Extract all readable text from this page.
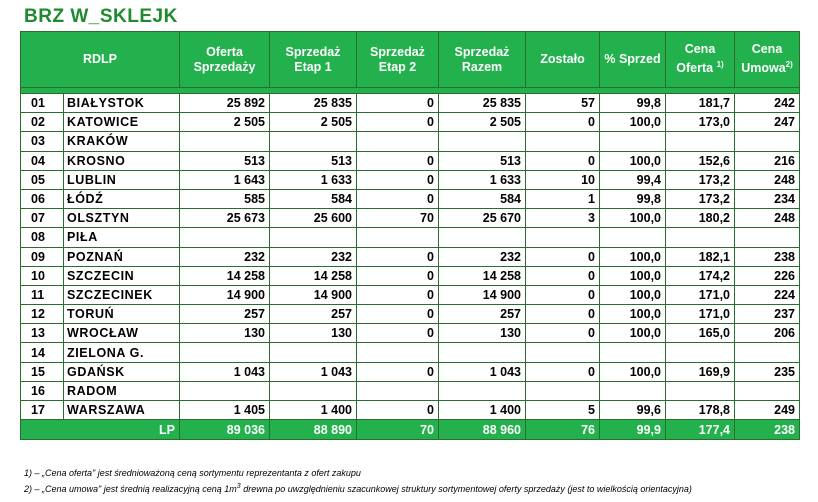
BRZ W_SKLEJK
RDLP		Oferta Sprzedaży	Sprzedaż Etap 1	Sprzedaż Etap 2	Sprzedaż Razem	Zostało	% Sprzed	Cena Oferta $^{1)}$	Cena Umowa$^{2)}$

01	BIAŁYSTOK	25 892	25 835	0	25 835	57	99,8	181,7	242
02	KATOWICE	2 505	2 505	0	2 505	0	100,0	173,0	247
03	KRAKÓW								
04	KROSNO	513	513	0	513	0	100,0	152,6	216
05	LUBLIN	1 643	1 633	0	1 633	10	99,4	173,2	248
06	ŁÓDŹ	585	584	0	584	1	99,8	173,2	234
07	OLSZTYN	25 673	25 600	70	25 670	3	100,0	180,2	248
08	PIŁA								
09	POZNAŃ	232	232	0	232	0	100,0	182,1	238
10	SZCZECIN	14 258	14 258	0	14 258	0	100,0	174,2	226
11	SZCZECINEK	14 900	14 900	0	14 900	0	100,0	171,0	224
12	TORUŃ	257	257	0	257	0	100,0	171,0	237
13	WROCŁAW	130	130	0	130	0	100,0	165,0	206
14	ZIELONA G.								
15	GDAŃSK	1 043	1 043	0	1 043	0	100,0	169,9	235
16	RADOM								
17	WARSZAWA	1 405	1 400	0	1 400	5	99,6	178,8	249
LP		89 036	88 890	70	88 960	76	99,9	177,4	238
1) – „Cena oferta" jest średnioważoną ceną sortymentu reprezentanta z ofert zakupu
2) – „Cena umowa" jest średnią realizacyjną ceną $1m^3$ drewna po uwzględnieniu szacunkowej struktury sortymentowej oferty sprzedaży (jest to wielkością orientacyjna)
